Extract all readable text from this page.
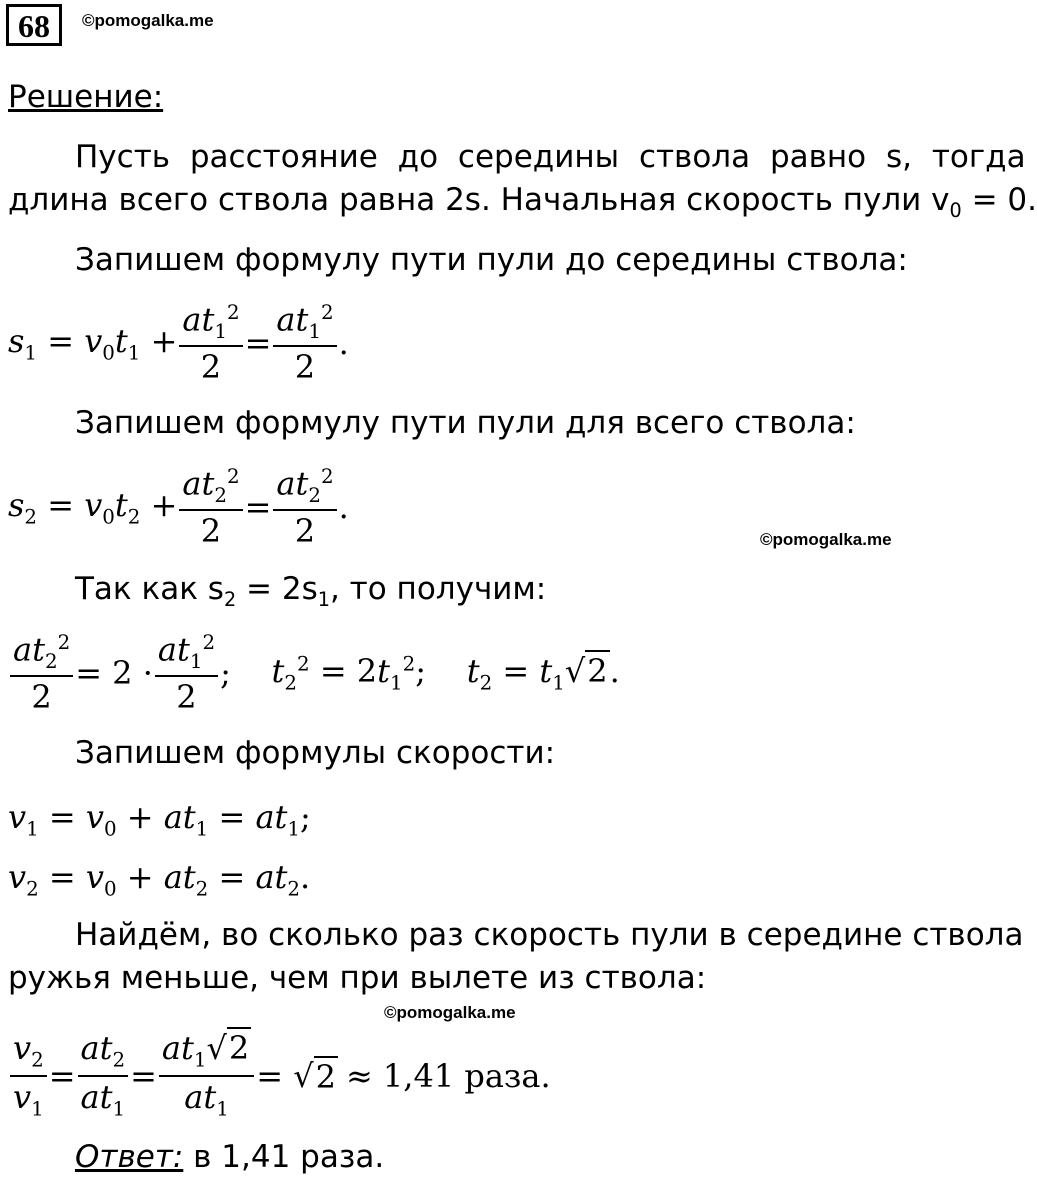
68	©pomogalka.me
Решение:
Пусть расстояние до середины ствола равно s, тогда
длина всего ствола равна 2s. Начальная скорость пули $v_0 = 0$.
Запишем формулу пути пули до середины ствола:
$s_1 = v_0t_1 + \frac{at_1^2}{2} = \frac{at_1^2}{2}$ .
Запишем формулу пути пули для всего ствола:
$s_2 = v_0t_2 + \frac{at_2^2}{2} = \frac{at_2^2}{2}$ .
©pomogalka.me
Так как $s_2 = 2s_1$, то получим:
$\frac{at_2^2}{2} = 2 \cdot \frac{at_1^2}{2}$ ; $t_2^2 = 2t_1^2$;    $t_2 = t_1√2$.
Запишем формулы скорости:
$v_1 = v_0 + at_1 = at_1$;
$v_2 = v_0 + at_2 = at_2$.
Найдём, во сколько раз скорость пули в середине ствола
ружья меньше, чем при вылете из ствола:
©pomogalka.me
$\frac{v_2}{v_1} = \frac{at_2}{at_1} = \frac{at_1√2}{at_1}$ = √ 2 ≈ 1,41 раза.
Ответ: в 1,41 раза.
